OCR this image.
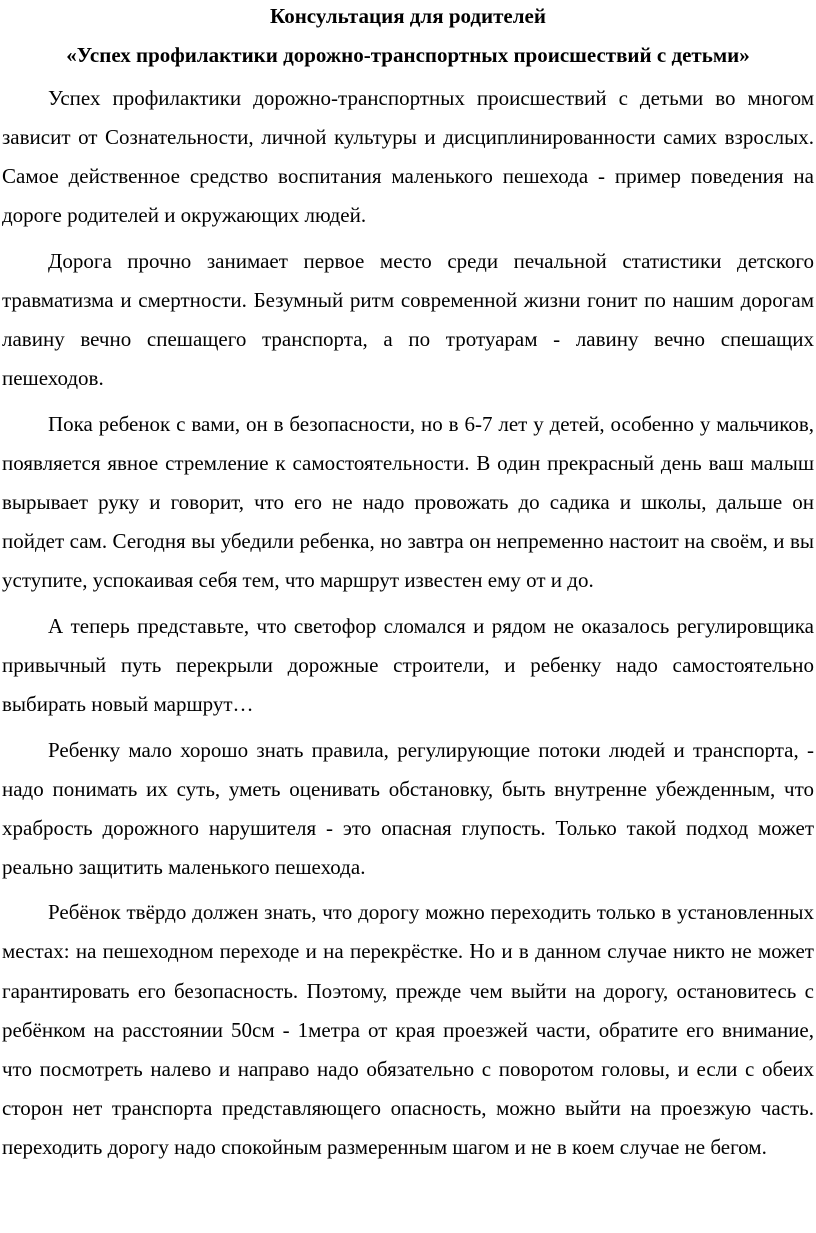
Консультация для родителей

«Успех профилактики дорожно-транспортных происшествий с детьми»

Успех профилактики дорожно-транспортных происшествий с детьми во многом зависит от Сознательности, личной культуры и дисциплинированности самих взрослых. Самое действенное средство воспитания маленького пешехода - пример поведения на дороге родителей и окружающих людей.

Дорога прочно занимает первое место среди печальной статистики детского травматизма и смертности. Безумный ритм современной жизни гонит по нашим дорогам лавину вечно спешащего транспорта, а по тротуарам - лавину вечно спешащих пешеходов.

Пока ребенок с вами, он в безопасности, но в 6-7 лет у детей, особенно у мальчиков, появляется явное стремление к самостоятельности. В один прекрасный день ваш малыш вырывает руку и говорит, что его не надо провожать до садика и школы, дальше он пойдет сам. Сегодня вы убедили ребенка, но завтра он непременно настоит на своём, и вы уступите, успокаивая себя тем, что маршрут известен ему от и до.

А теперь представьте, что светофор сломался и рядом не оказалось регулировщика привычный путь перекрыли дорожные строители, и ребенку надо самостоятельно выбирать новый маршрут…

Ребенку мало хорошо знать правила, регулирующие потоки людей и транспорта, - надо понимать их суть, уметь оценивать обстановку, быть внутренне убежденным, что храбрость дорожного нарушителя - это опасная глупость. Только такой подход может реально защитить маленького пешехода.

Ребёнок твёрдо должен знать, что дорогу можно переходить только в установленных местах: на пешеходном переходе и на перекрёстке. Но и в данном случае никто не может гарантировать его безопасность. Поэтому, прежде чем выйти на дорогу, остановитесь с ребёнком на расстоянии 50см - 1метра от края проезжей части, обратите его внимание, что посмотреть налево и направо надо обязательно с поворотом головы, и если с обеих сторон нет транспорта представляющего опасность, можно выйти на проезжую часть. переходить дорогу надо спокойным размеренным шагом и не в коем случае не бегом.
